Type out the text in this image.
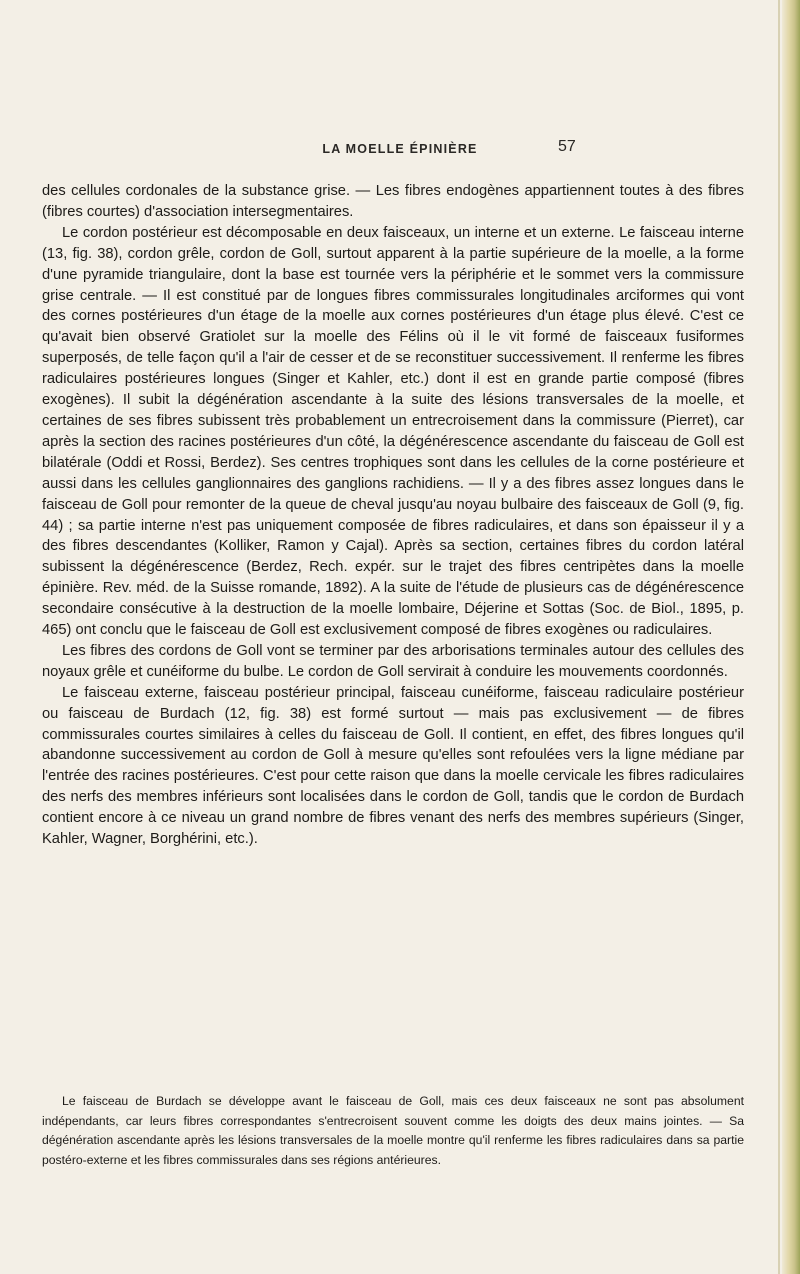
LA MOELLE ÉPINIÈRE	57

des cellules cordonales de la substance grise. — Les fibres endogènes appartiennent toutes à des fibres (fibres courtes) d'association intersegmentaires.

Le cordon postérieur est décomposable en deux faisceaux, un interne et un externe. Le faisceau interne (13, fig. 38), cordon grêle, cordon de Goll, surtout apparent à la partie supérieure de la moelle, a la forme d'une pyramide triangulaire, dont la base est tournée vers la périphérie et le sommet vers la commissure grise centrale. — Il est constitué par de longues fibres commissurales longitudinales arciformes qui vont des cornes postérieures d'un étage de la moelle aux cornes postérieures d'un étage plus élevé. C'est ce qu'avait bien observé Gratiolet sur la moelle des Félins où il le vit formé de faisceaux fusiformes superposés, de telle façon qu'il a l'air de cesser et de se reconstituer successivement. Il renferme les fibres radiculaires postérieures longues (Singer et Kahler, etc.) dont il est en grande partie composé (fibres exogènes). Il subit la dégénération ascendante à la suite des lésions transversales de la moelle, et certaines de ses fibres subissent très probablement un entrecroisement dans la commissure (Pierret), car après la section des racines postérieures d'un côté, la dégénérescence ascendante du faisceau de Goll est bilatérale (Oddi et Rossi, Berdez). Ses centres trophiques sont dans les cellules de la corne postérieure et aussi dans les cellules ganglionnaires des ganglions rachidiens. — Il y a des fibres assez longues dans le faisceau de Goll pour remonter de la queue de cheval jusqu'au noyau bulbaire des faisceaux de Goll (9, fig. 44) ; sa partie interne n'est pas uniquement composée de fibres radiculaires, et dans son épaisseur il y a des fibres descendantes (Kolliker, Ramon y Cajal). Après sa section, certaines fibres du cordon latéral subissent la dégénérescence (Berdez, Rech. expér. sur le trajet des fibres centripètes dans la moelle épinière. Rev. méd. de la Suisse romande, 1892). A la suite de l'étude de plusieurs cas de dégénérescence secondaire consécutive à la destruction de la moelle lombaire, Déjerine et Sottas (Soc. de Biol., 1895, p. 465) ont conclu que le faisceau de Goll est exclusivement composé de fibres exogènes ou radiculaires.

Les fibres des cordons de Goll vont se terminer par des arborisations terminales autour des cellules des noyaux grêle et cunéiforme du bulbe. Le cordon de Goll servirait à conduire les mouvements coordonnés.

Le faisceau externe, faisceau postérieur principal, faisceau cunéiforme, faisceau radiculaire postérieur ou faisceau de Burdach (12, fig. 38) est formé surtout — mais pas exclusivement — de fibres commissurales courtes similaires à celles du faisceau de Goll. Il contient, en effet, des fibres longues qu'il abandonne successivement au cordon de Goll à mesure qu'elles sont refoulées vers la ligne médiane par l'entrée des racines postérieures. C'est pour cette raison que dans la moelle cervicale les fibres radiculaires des nerfs des membres inférieurs sont localisées dans le cordon de Goll, tandis que le cordon de Burdach contient encore à ce niveau un grand nombre de fibres venant des nerfs des membres supérieurs (Singer, Kahler, Wagner, Borghérini, etc.).

Le faisceau de Burdach se développe avant le faisceau de Goll, mais ces deux faisceaux ne sont pas absolument indépendants, car leurs fibres correspondantes s'entrecroisent souvent comme les doigts des deux mains jointes. — Sa dégénération ascendante après les lésions transversales de la moelle montre qu'il renferme les fibres radiculaires dans sa partie postéro-externe et les fibres commissurales dans ses régions antérieures.
